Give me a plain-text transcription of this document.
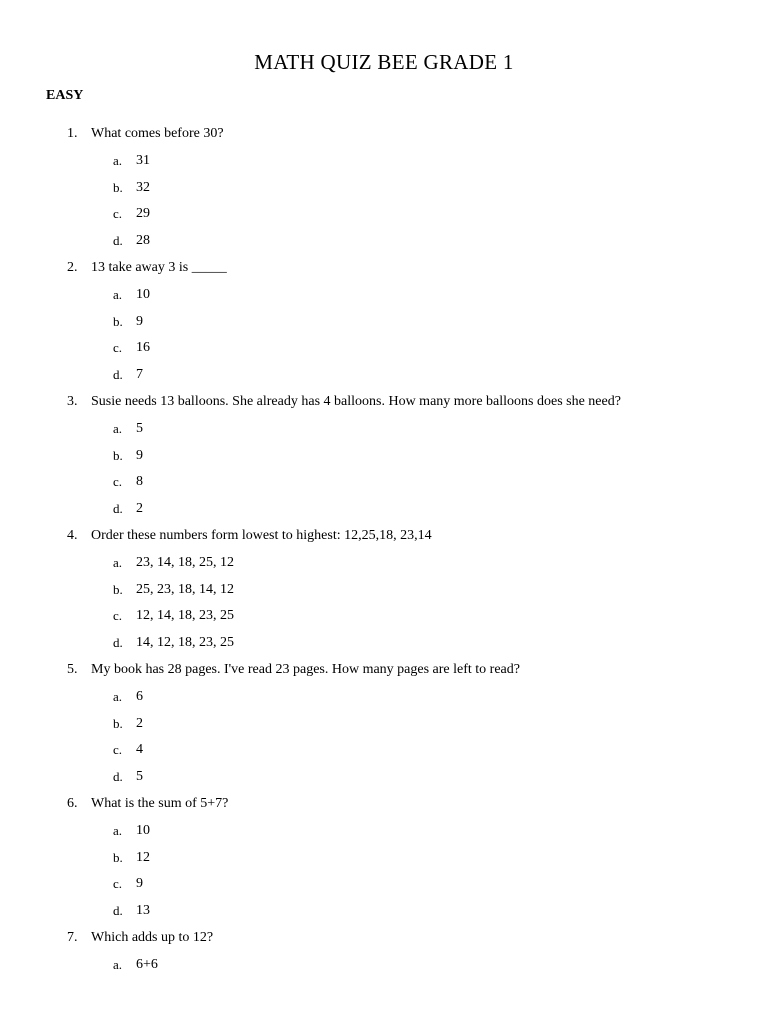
MATH QUIZ BEE GRADE 1
EASY
1. What comes before 30?
a. 31
b. 32
c. 29
d. 28
2. 13 take away 3 is _____
a. 10
b. 9
c. 16
d. 7
3. Susie needs 13 balloons. She already has 4 balloons. How many more balloons does she need?
a. 5
b. 9
c. 8
d. 2
4. Order these numbers form lowest to highest: 12,25,18, 23,14
a. 23, 14, 18, 25, 12
b. 25, 23, 18, 14, 12
c. 12, 14, 18, 23, 25
d. 14, 12, 18, 23, 25
5. My book has 28 pages. I've read 23 pages. How many pages are left to read?
a. 6
b. 2
c. 4
d. 5
6. What is the sum of 5+7?
a. 10
b. 12
c. 9
d. 13
7. Which adds up to 12?
a. 6+6
